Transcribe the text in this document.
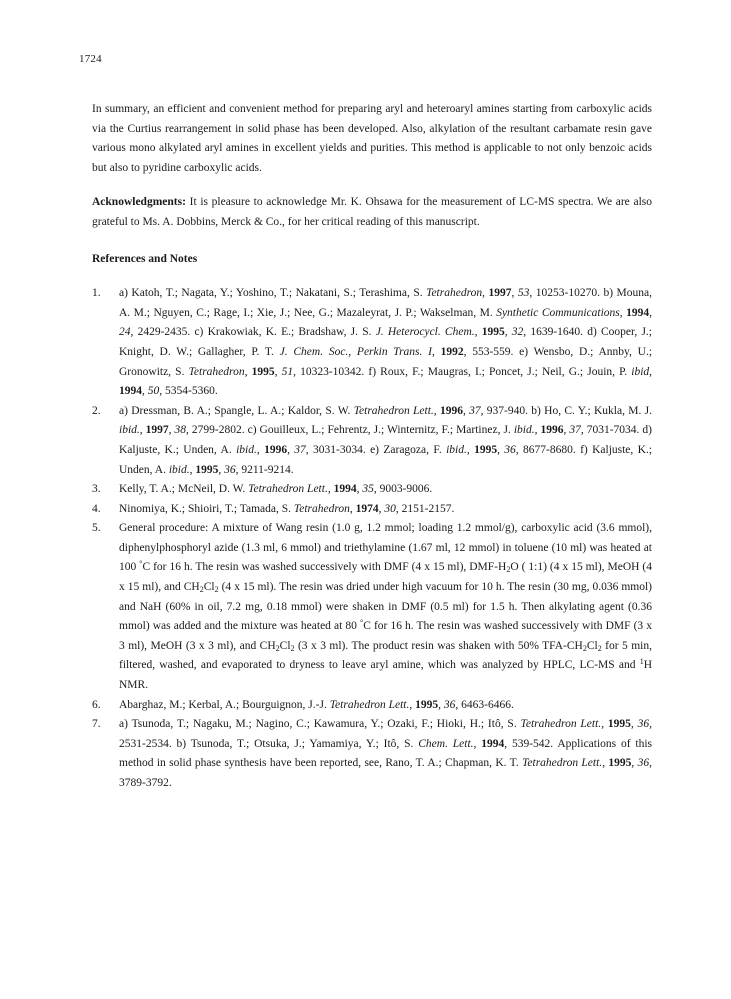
1724

In summary, an efficient and convenient method for preparing aryl and heteroaryl amines starting from carboxylic acids via the Curtius rearrangement in solid phase has been developed. Also, alkylation of the resultant carbamate resin gave various mono alkylated aryl amines in excellent yields and purities. This method is applicable to not only benzoic acids but also to pyridine carboxylic acids.

Acknowledgments: It is pleasure to acknowledge Mr. K. Ohsawa for the measurement of LC-MS spectra. We are also grateful to Ms. A. Dobbins, Merck & Co., for her critical reading of this manuscript.

References and Notes
1.	a) Katoh, T.; Nagata, Y.; Yoshino, T.; Nakatani, S.; Terashima, S. Tetrahedron, 1997, 53, 10253-10270. b) Mouna, A. M.; Nguyen, C.; Rage, I.; Xie, J.; Nee, G.; Mazaleyrat, J. P.; Wakselman, M. Synthetic Communications, 1994, 24, 2429-2435. c) Krakowiak, K. E.; Bradshaw, J. S. J. Heterocycl. Chem., 1995, 32, 1639-1640. d) Cooper, J.; Knight, D. W.; Gallagher, P. T. J. Chem. Soc., Perkin Trans. I, 1992, 553-559. e) Wensbo, D.; Annby, U.; Gronowitz, S. Tetrahedron, 1995, 51, 10323-10342. f) Roux, F.; Maugras, I.; Poncet, J.; Neil, G.; Jouin, P. ibid, 1994, 50, 5354-5360.

2.	a) Dressman, B. A.; Spangle, L. A.; Kaldor, S. W. Tetrahedron Lett., 1996, 37, 937-940. b) Ho, C. Y.; Kukla, M. J. ibid., 1997, 38, 2799-2802. c) Gouilleux, L.; Fehrentz, J.; Winternitz, F.; Martinez, J. ibid., 1996, 37, 7031-7034. d) Kaljuste, K.; Unden, A. ibid., 1996, 37, 3031-3034. e) Zaragoza, F. ibid., 1995, 36, 8677-8680. f) Kaljuste, K.; Unden, A. ibid., 1995, 36, 9211-9214.

3.	Kelly, T. A.; McNeil, D. W. Tetrahedron Lett., 1994, 35, 9003-9006.

4.	Ninomiya, K.; Shioiri, T.; Tamada, S. Tetrahedron, 1974, 30, 2151-2157.

5.	General procedure: A mixture of Wang resin (1.0 g, 1.2 mmol; loading 1.2 mmol/g), carboxylic acid (3.6 mmol), diphenylphosphoryl azide (1.3 ml, 6 mmol) and triethylamine (1.67 ml, 12 mmol) in toluene (10 ml) was heated at 100 °C for 16 h. The resin was washed successively with DMF (4 x 15 ml), DMF-$H_2O$ ( 1:1) (4 x 15 ml), MeOH (4 x 15 ml), and $CH_2Cl_2$ (4 x 15 ml). The resin was dried under high vacuum for 10 h. The resin (30 mg, 0.036 mmol) and NaH (60% in oil, 7.2 mg, 0.18 mmol) were shaken in DMF (0.5 ml) for 1.5 h. Then alkylating agent (0.36 mmol) was added and the mixture was heated at 80 °C for 16 h. The resin was washed successively with DMF (3 x 3 ml), MeOH (3 x 3 ml), and $CH_2Cl_2$ (3 x 3 ml). The product resin was shaken with 50% TFA-$CH_2Cl_2$ for 5 min, filtered, washed, and evaporated to dryness to leave aryl amine, which was analyzed by HPLC, LC-MS and $^1$H NMR.

6.	Abarghaz, M.; Kerbal, A.; Bourguignon, J.-J. Tetrahedron Lett., 1995, 36, 6463-6466.

7.	a) Tsunoda, T.; Nagaku, M.; Nagino, C.; Kawamura, Y.; Ozaki, F.; Hioki, H.; Itô, S. Tetrahedron Lett., 1995, 36, 2531-2534. b) Tsunoda, T.; Otsuka, J.; Yamamiya, Y.; Itô, S. Chem. Lett., 1994, 539-542. Applications of this method in solid phase synthesis have been reported, see, Rano, T. A.; Chapman, K. T. Tetrahedron Lett., 1995, 36, 3789-3792.
